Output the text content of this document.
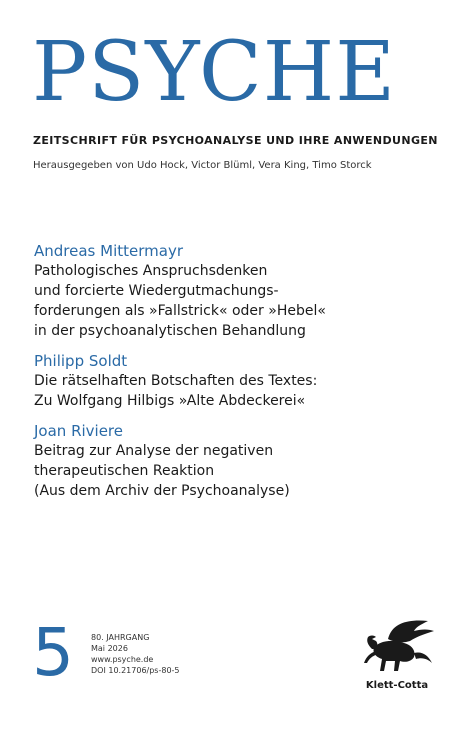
PSYCHE
ZEITSCHRIFT FÜR PSYCHOANALYSE UND IHRE ANWENDUNGEN
Herausgegeben von Udo Hock, Victor Blüml, Vera King, Timo Storck
Andreas Mittermayr
Pathologisches Anspruchsdenken
und forcierte Wiedergutmachungs-
forderungen als »Fallstrick« oder »Hebel«
in der psychoanalytischen Behandlung
Philipp Soldt
Die rätselhaften Botschaften des Textes:
Zu Wolfgang Hilbigs »Alte Abdeckerei«
Joan Riviere
Beitrag zur Analyse der negativen
therapeutischen Reaktion
(Aus dem Archiv der Psychoanalyse)
5 80. JAHRGANG
Mai 2026
www.psyche.de
DOI 10.21706/ps-80-5
Klett-Cotta
